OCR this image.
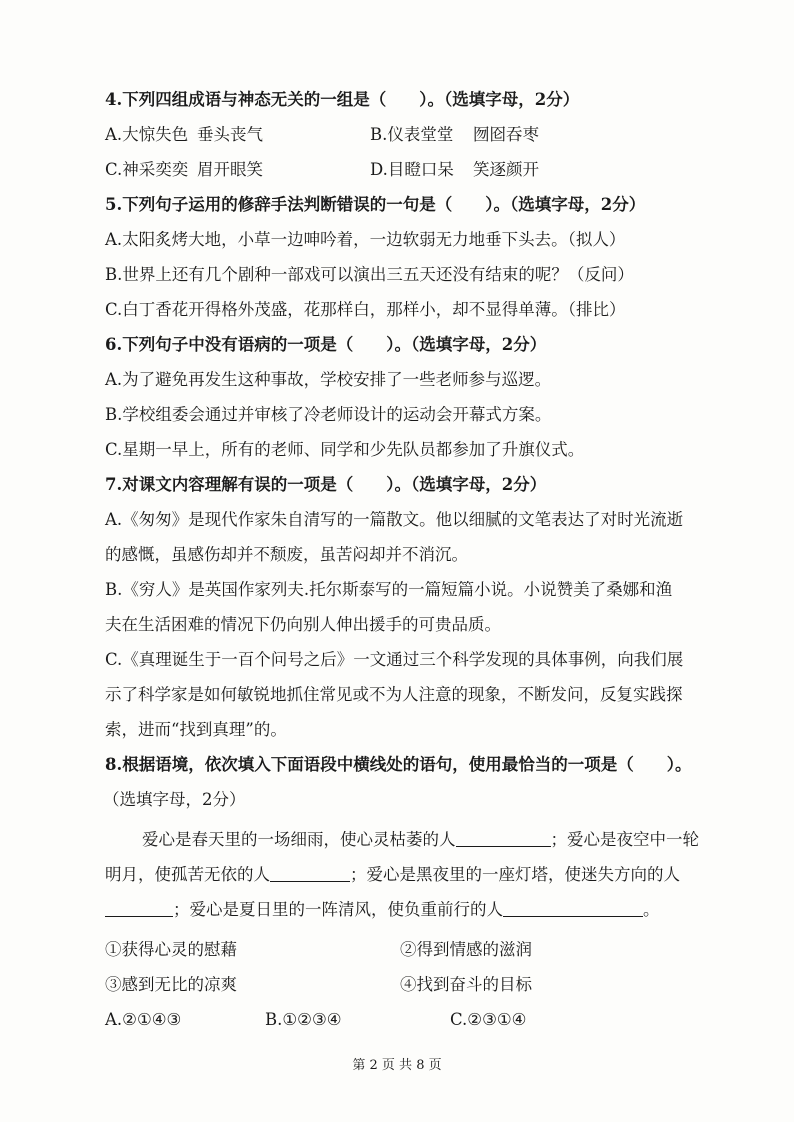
4.下列四组成语与神态无关的一组是（　　）。（选填字母，2分）
A.大惊失色 垂头丧气	B.仪表堂堂 囫囵吞枣
C.神采奕奕 眉开眼笑	D.目瞪口呆 笑逐颜开
5.下列句子运用的修辞手法判断错误的一句是（　　）。（选填字母，2分）
A.太阳炙烤大地，小草一边呻吟着，一边软弱无力地垂下头去。（拟人）
B.世界上还有几个剧种一部戏可以演出三五天还没有结束的呢？（反问）
C.白丁香花开得格外茂盛，花那样白，那样小，却不显得单薄。（排比）
6.下列句子中没有语病的一项是（　　）。（选填字母，2分）
A.为了避免再发生这种事故，学校安排了一些老师参与巡逻。
B.学校组委会通过并审核了冷老师设计的运动会开幕式方案。
C.星期一早上，所有的老师、同学和少先队员都参加了升旗仪式。
7.对课文内容理解有误的一项是（　　）。（选填字母，2分）
A.《匆匆》是现代作家朱自清写的一篇散文。他以细腻的文笔表达了对时光流逝
的感慨，虽感伤却并不颓废，虽苦闷却并不消沉。
B.《穷人》是英国作家列夫.托尔斯泰写的一篇短篇小说。小说赞美了桑娜和渔
夫在生活困难的情况下仍向别人伸出援手的可贵品质。
C.《真理诞生于一百个问号之后》一文通过三个科学发现的具体事例，向我们展
示了科学家是如何敏锐地抓住常见或不为人注意的现象，不断发问，反复实践探
索，进而“找到真理”的。
8.根据语境，依次填入下面语段中横线处的语句，使用最恰当的一项是（　　）。
（选填字母，2分）
爱心是春天里的一场细雨，使心灵枯萎的人	；爱心是夜空中一轮
明月，使孤苦无依的人	；爱心是黑夜里的一座灯塔，使迷失方向的人
；爱心是夏日里的一阵清风，使负重前行的人	。
①获得心灵的慰藉	②得到情感的滋润
③感到无比的凉爽	④找到奋斗的目标
A.②①④③	B.①②③④	C.②③①④
第 2 页 共 8 页
